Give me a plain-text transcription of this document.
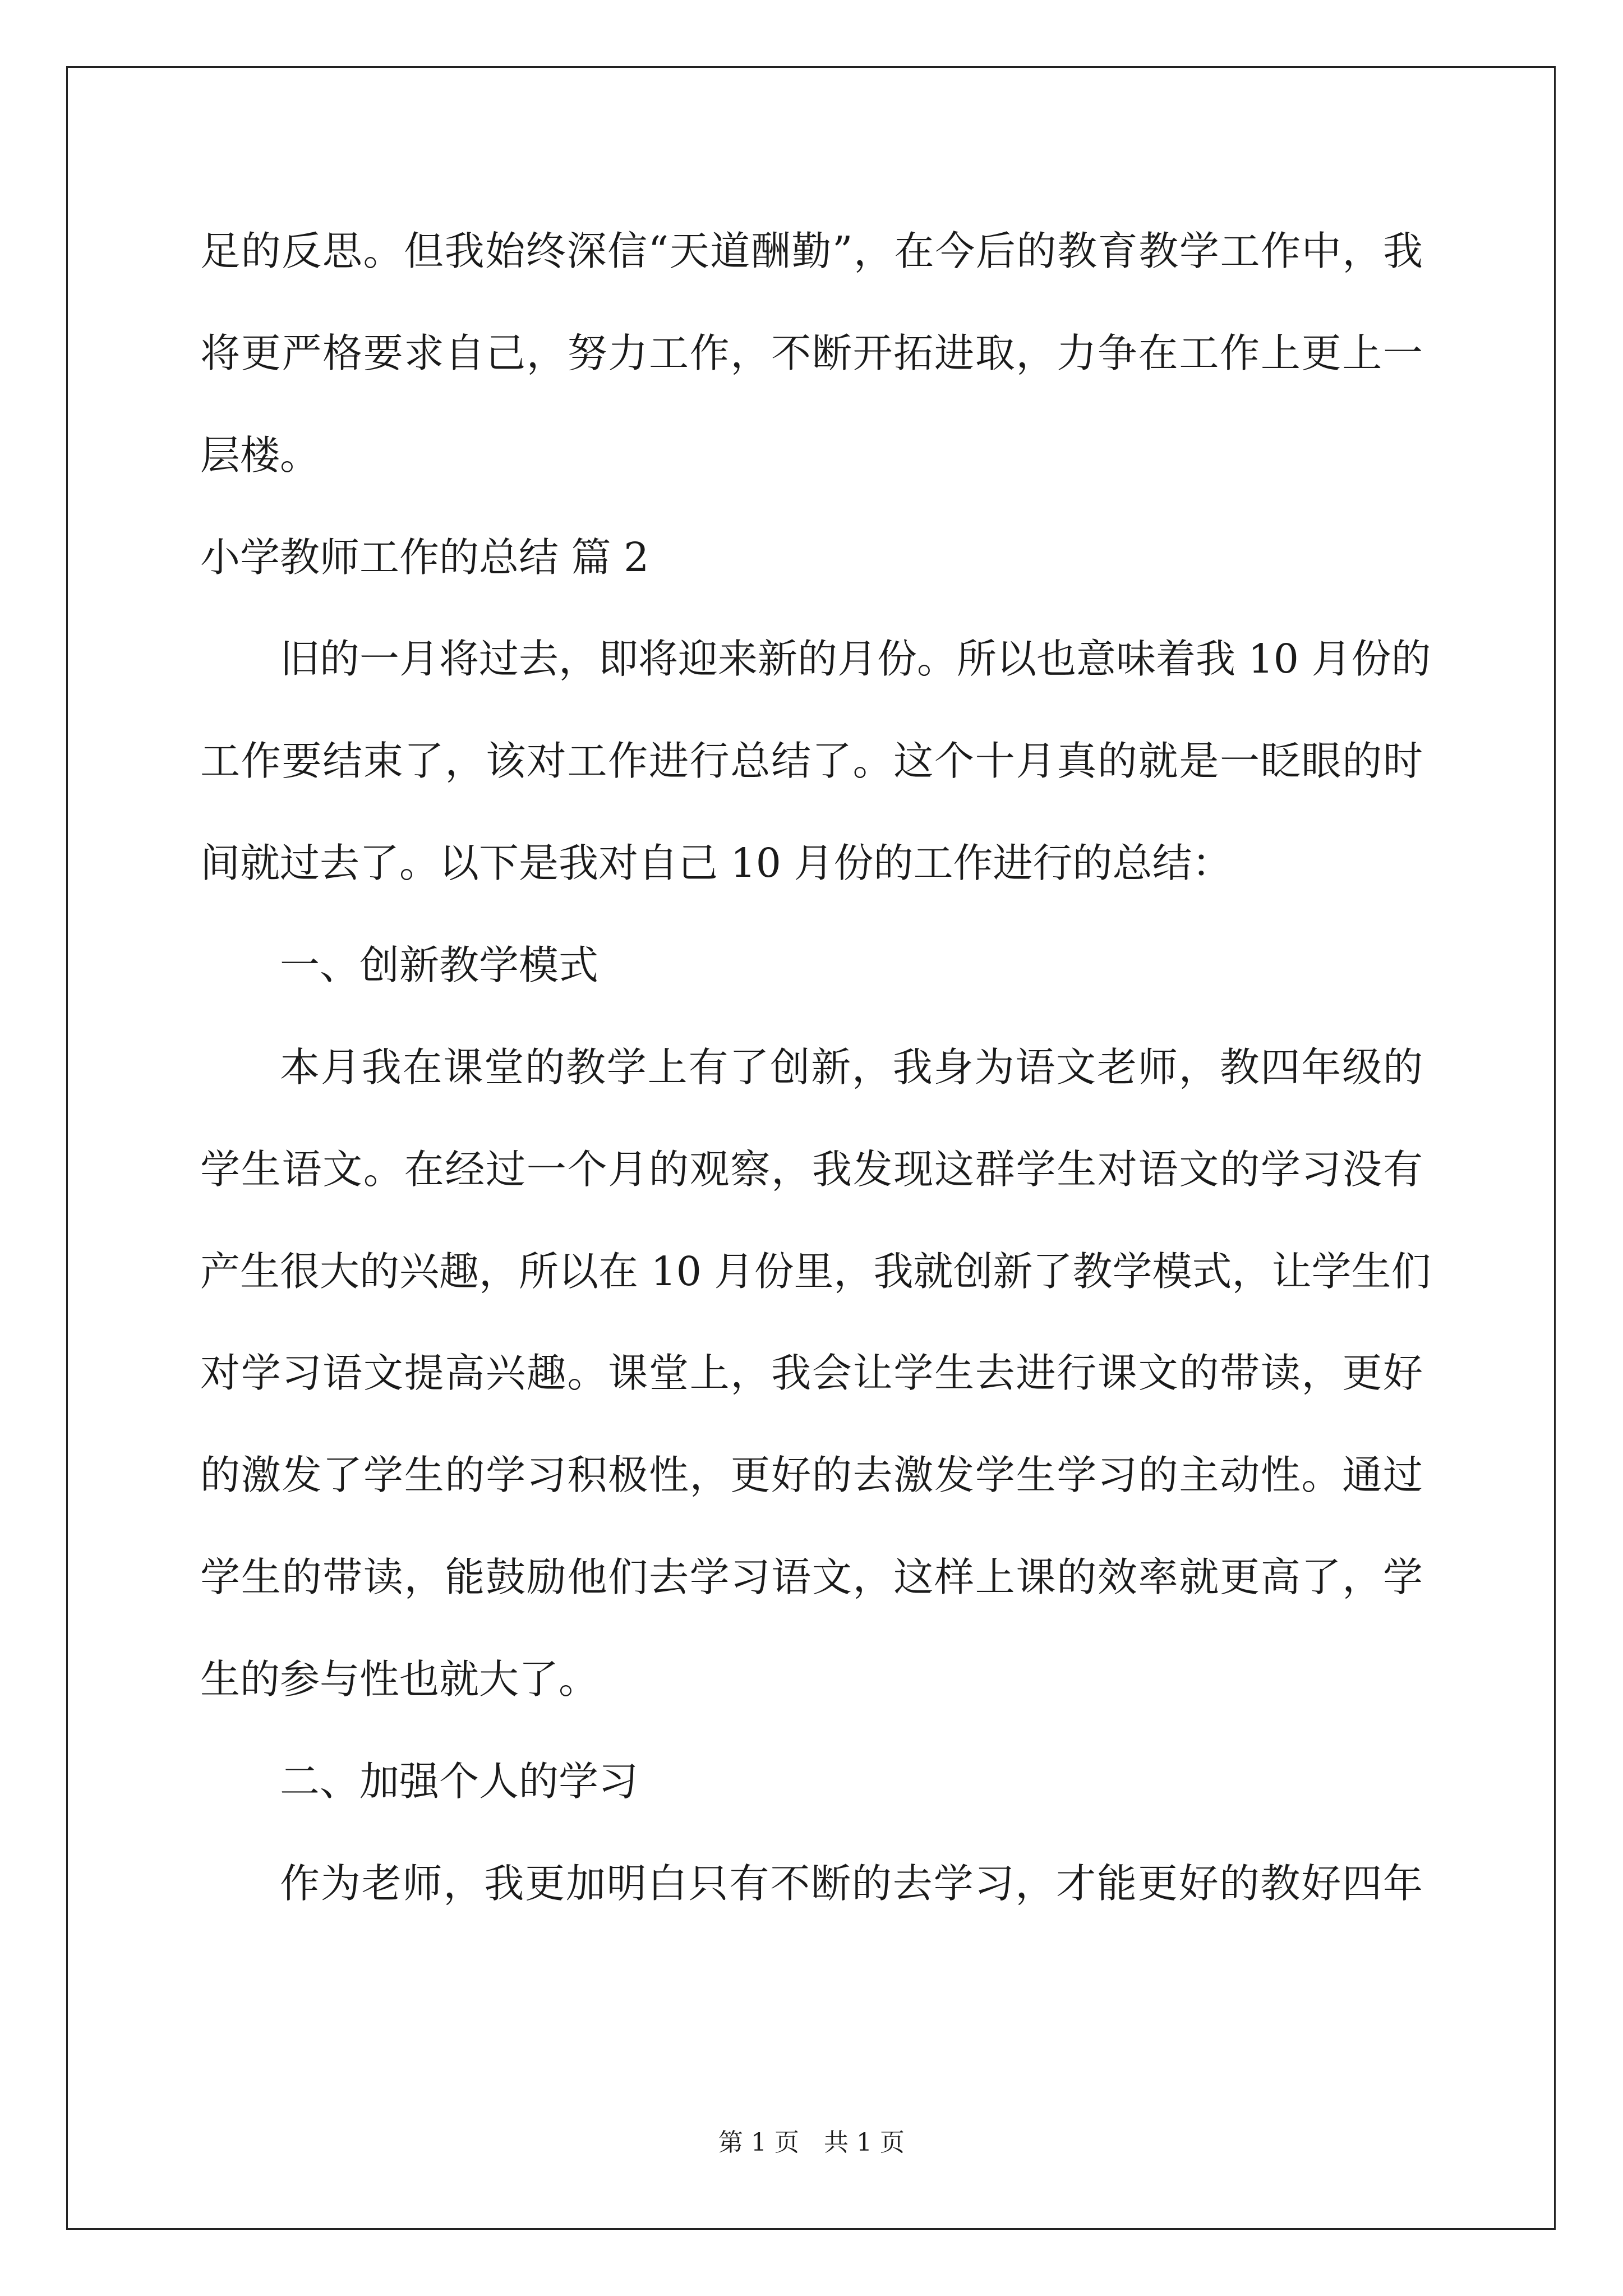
足的反思。但我始终深信“天道酬勤”，在今后的教育教学工作中，我
将更严格要求自己，努力工作，不断开拓进取，力争在工作上更上一
层楼。
小学教师工作的总结 篇 2
旧的一月将过去，即将迎来新的月份。所以也意味着我 10 月份的
工作要结束了，该对工作进行总结了。这个十月真的就是一眨眼的时
间就过去了。以下是我对自己 10 月份的工作进行的总结：
一、创新教学模式
本月我在课堂的教学上有了创新，我身为语文老师，教四年级的
学生语文。在经过一个月的观察，我发现这群学生对语文的学习没有
产生很大的兴趣，所以在 10 月份里，我就创新了教学模式，让学生们
对学习语文提高兴趣。课堂上，我会让学生去进行课文的带读，更好
的激发了学生的学习积极性，更好的去激发学生学习的主动性。通过
学生的带读，能鼓励他们去学习语文，这样上课的效率就更高了，学
生的参与性也就大了。
二、加强个人的学习
作为老师，我更加明白只有不断的去学习，才能更好的教好四年
第 1 页　共 1 页
